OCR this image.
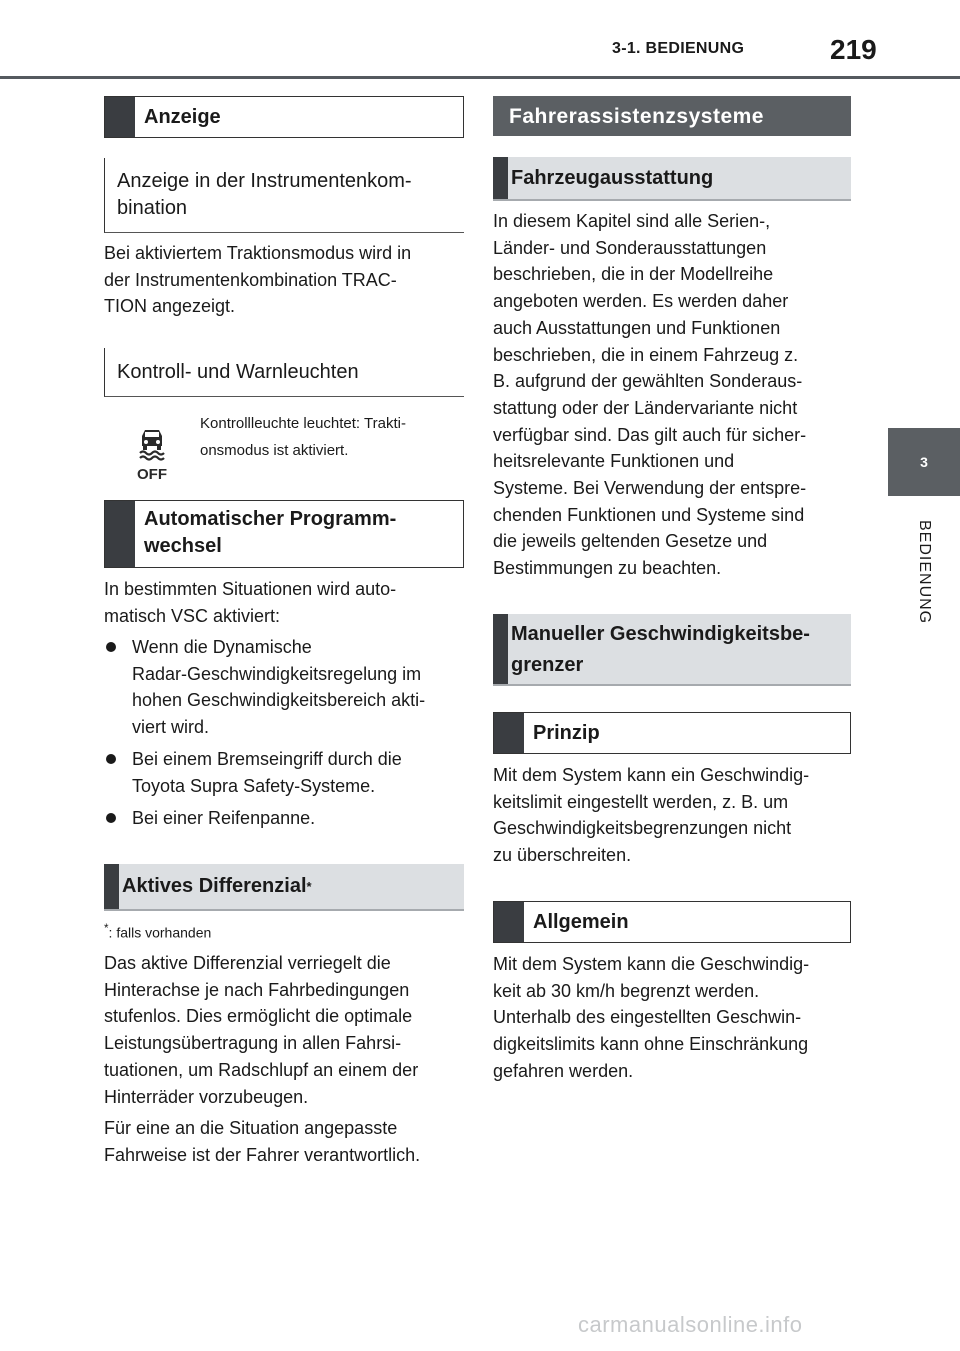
3-1. BEDIENUNG	219
3
BEDIENUNG
Anzeige
Anzeige in der Instrumentenkom-
bination
Bei aktiviertem Traktionsmodus wird in
der Instrumentenkombination TRAC-
TION angezeigt.
Kontroll- und Warnleuchten
OFF
Kontrollleuchte leuchtet: Trakti-
onsmodus ist aktiviert.
Automatischer Programm-
wechsel
In bestimmten Situationen wird auto-
matisch VSC aktiviert:
Wenn die Dynamische
Radar-Geschwindigkeitsregelung im
hohen Geschwindigkeitsbereich akti-
viert wird.
Bei einem Bremseingriff durch die
Toyota Supra Safety-Systeme.
Bei einer Reifenpanne.
Aktives Differenzial *
*: falls vorhanden
Das aktive Differenzial verriegelt die
Hinterachse je nach Fahrbedingungen
stufenlos. Dies ermöglicht die optimale
Leistungsübertragung in allen Fahrsi-
tuationen, um Radschlupf an einem der
Hinterräder vorzubeugen.
Für eine an die Situation angepasste
Fahrweise ist der Fahrer verantwortlich.
Fahrerassistenzsysteme
Fahrzeugausstattung
In diesem Kapitel sind alle Serien-,
Länder- und Sonderausstattungen
beschrieben, die in der Modellreihe
angeboten werden. Es werden daher
auch Ausstattungen und Funktionen
beschrieben, die in einem Fahrzeug z.
B. aufgrund der gewählten Sonderaus-
stattung oder der Ländervariante nicht
verfügbar sind. Das gilt auch für sicher-
heitsrelevante Funktionen und
Systeme. Bei Verwendung der entspre-
chenden Funktionen und Systeme sind
die jeweils geltenden Gesetze und
Bestimmungen zu beachten.
Manueller Geschwindigkeitsbe-
grenzer
Prinzip
Mit dem System kann ein Geschwindig-
keitslimit eingestellt werden, z. B. um
Geschwindigkeitsbegrenzungen nicht
zu überschreiten.
Allgemein
Mit dem System kann die Geschwindig-
keit ab 30 km/h begrenzt werden.
Unterhalb des eingestellten Geschwin-
digkeitslimits kann ohne Einschränkung
gefahren werden.
carmanualsonline.info
